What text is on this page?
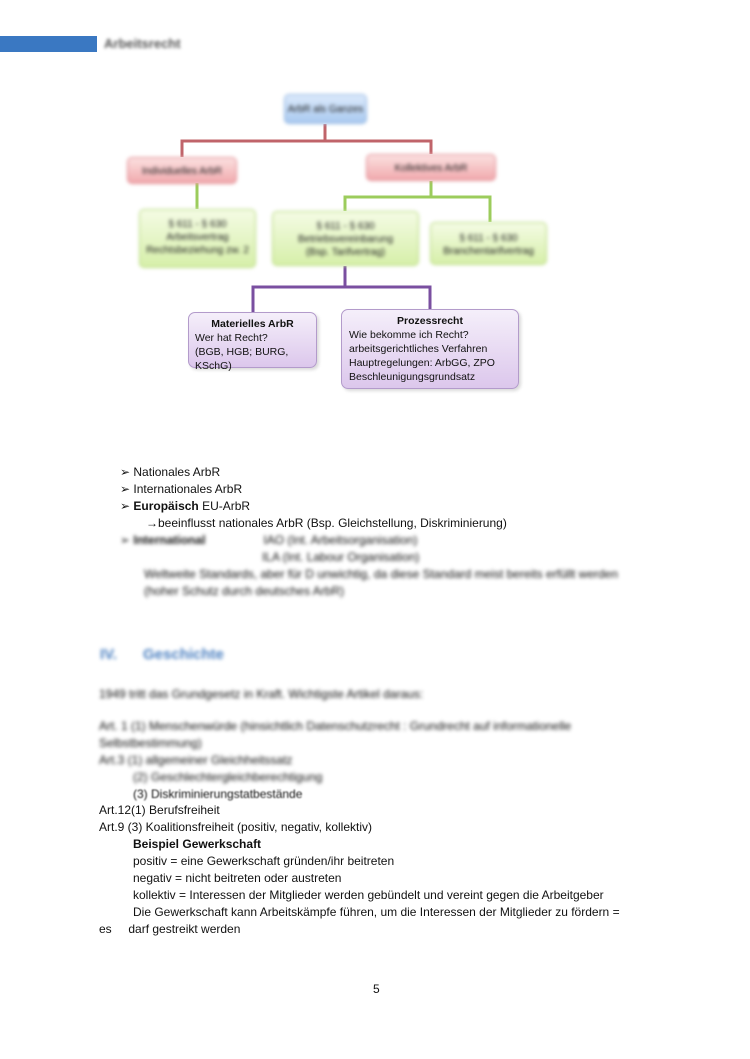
Arbeitsrecht
ArbR als Ganzes
Individuelles ArbR	Kollektives ArbR
§ 611 - § 630
Arbeitsvertrag
Rechtsbeziehung zw. 2
§ 611 - § 630
Betriebsvereinbarung
(Bsp. Tarifvertrag)
§ 611 - § 630
Branchentarifvertrag
Materielles ArbR
Wer hat Recht?
(BGB, HGB; BURG, KSchG)
Prozessrecht
Wie bekomme ich Recht?
arbeitsgerichtliches Verfahren
Hauptregelungen: ArbGG, ZPO
Beschleunigungsgrundsatz
➢ Nationales ArbR
➢ Internationales ArbR
➢ Europäisch EU-ArbR
→beeinflusst nationales ArbR (Bsp. Gleichstellung, Diskriminierung)
➢ International	IAO (Int. Arbeitsorganisation)
ILA (Int. Labour Organisation)
Weltweite Standards, aber für D unwichtig, da diese Standard meist bereits erfüllt werden
(hoher Schutz durch deutsches ArbR)
IV. Geschichte
1949 tritt das Grundgesetz in Kraft. Wichtigste Artikel daraus:
Art. 1 (1) Menschenwürde (hinsichtlich Datenschutzrecht : Grundrecht auf informationelle
Selbstbestimmung)
Art.3 (1) allgemeiner Gleichheitssatz
(2) Geschlechtergleichberechtigung
(3) Diskriminierungstatbestände
Art.12(1) Berufsfreiheit
Art.9 (3) Koalitionsfreiheit (positiv, negativ, kollektiv)
Beispiel Gewerkschaft
positiv = eine Gewerkschaft gründen/ihr beitreten
negativ = nicht beitreten oder austreten
kollektiv = Interessen der Mitglieder werden gebündelt und vereint gegen die Arbeitgeber
Die Gewerkschaft kann Arbeitskämpfe führen, um die Interessen der Mitglieder zu fördern =
es     darf gestreikt werden
5
